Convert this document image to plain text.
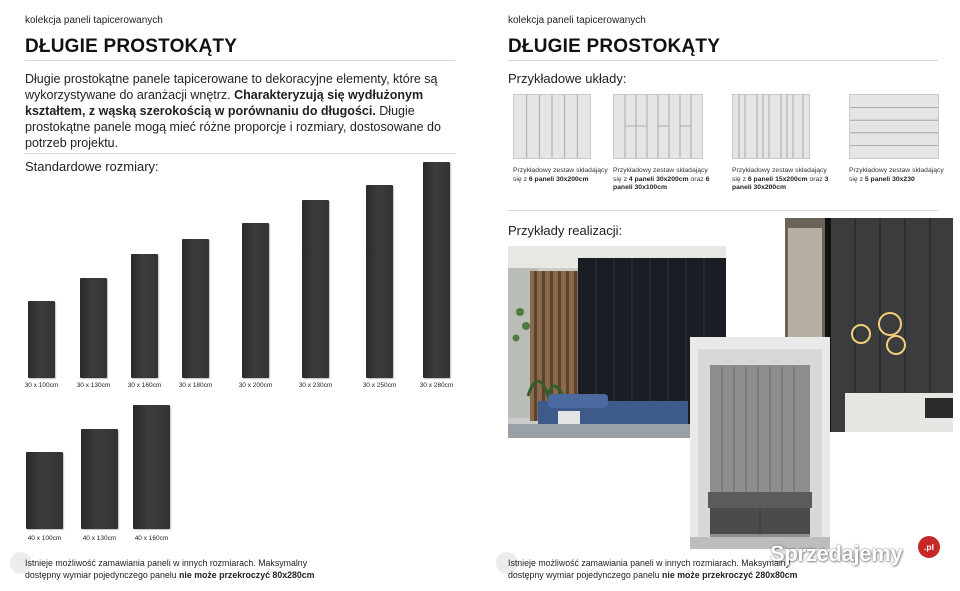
kolekcja paneli tapicerowanych
DŁUGIE PROSTOKĄTY
Długie prostokątne panele tapicerowane to dekoracyjne elementy, które są wykorzystywane do aranżacji wnętrz. Charakteryzują się wydłużonym kształtem, z wąską szerokością w porównaniu do długości. Długie prostokątne panele mogą mieć różne proporcje i rozmiary, dostosowane do potrzeb projektu.
Standardowe rozmiary:
30 x 100cm	30 x 130cm	30 x 160cm	30 x 180cm	30 x 200cm	30 x 230cm	30 x 250cm	30 x 280cm
40 x 100cm	40 x 130cm	40 x 160cm
Istnieje możliwość zamawiania paneli w innych rozmiarach. Maksymalny dostępny wymiar pojedynczego panelu nie może przekroczyć 80x280cm
kolekcja paneli tapicerowanych
DŁUGIE PROSTOKĄTY
Przykładowe układy:
Przykładowy zestaw składający się z 6 paneli 30x200cm
Przykładowy zestaw składający się z 4 paneli 30x200cm oraz 6 paneli 30x100cm
Przykładowy zestaw składający się z 6 paneli 15x200cm oraz 3 paneli 30x200cm
Przykładowy zestaw składający się z 5 paneli 30x230
Przykłady realizacji:
Istnieje możliwość zamawiania paneli w innych rozmiarach. Maksymalny dostępny wymiar pojedynczego panelu nie może przekroczyć 280x80cm
Sprzedajemy	.pl
